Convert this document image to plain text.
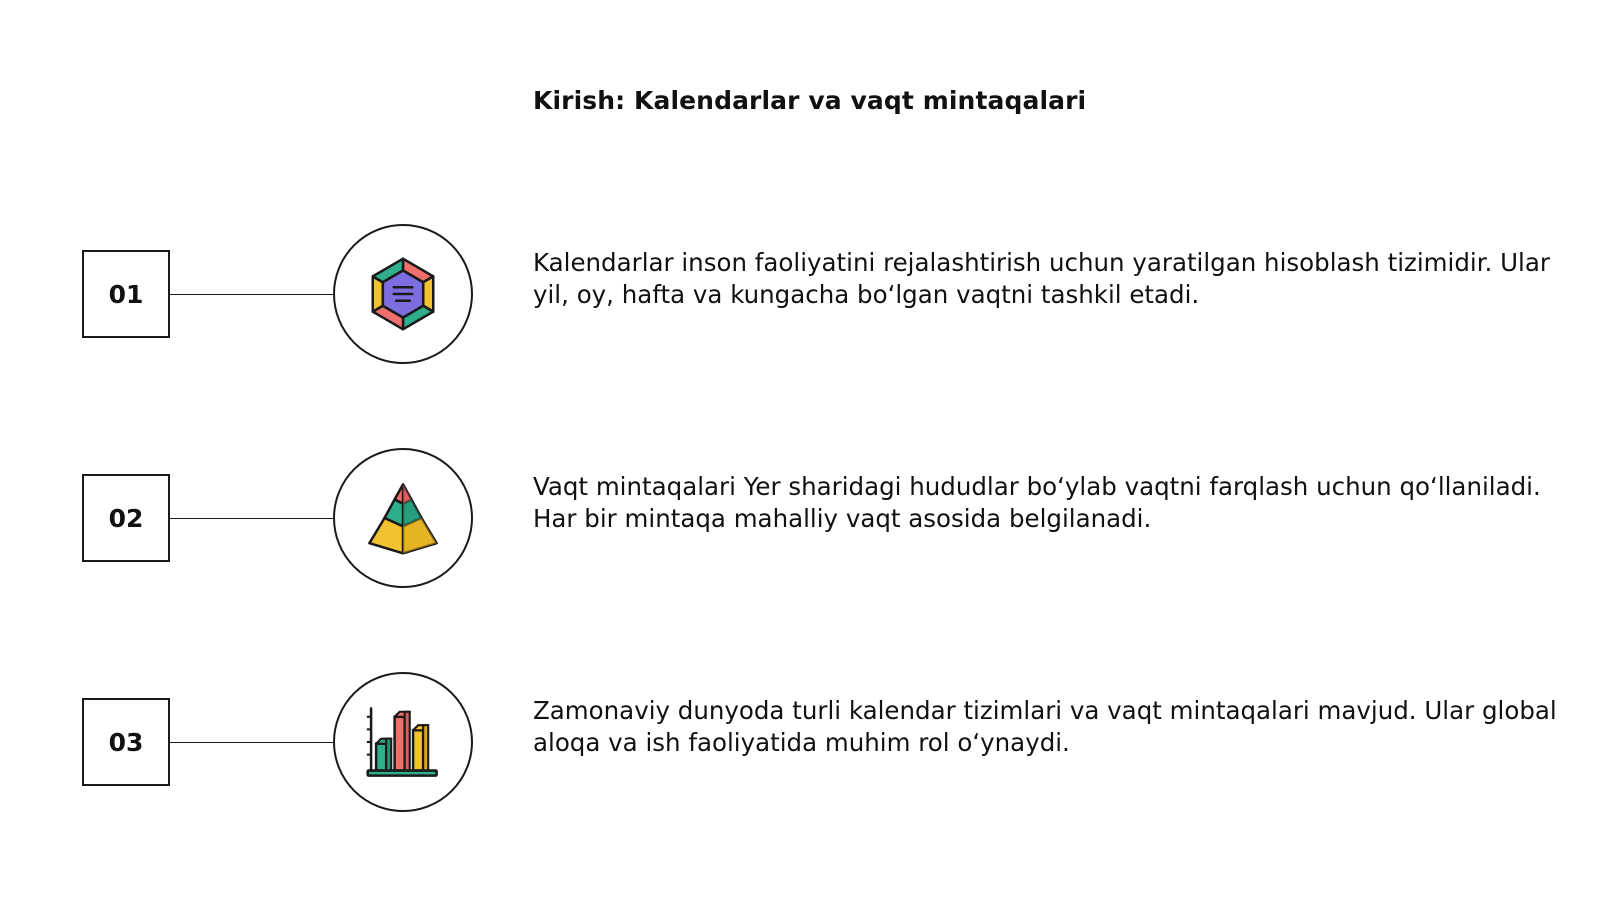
Kirish: Kalendarlar va vaqt mintaqalari
01
Kalendarlar inson faoliyatini rejalashtirish uchun yaratilgan hisoblash tizimidir. Ular yil, oy, hafta va kungacha bo‘lgan vaqtni tashkil etadi.
02
Vaqt mintaqalari Yer sharidagi hududlar bo‘ylab vaqtni farqlash uchun qo‘llaniladi. Har bir mintaqa mahalliy vaqt asosida belgilanadi.
03
Zamonaviy dunyoda turli kalendar tizimlari va vaqt mintaqalari mavjud. Ular global aloqa va ish faoliyatida muhim rol o‘ynaydi.
